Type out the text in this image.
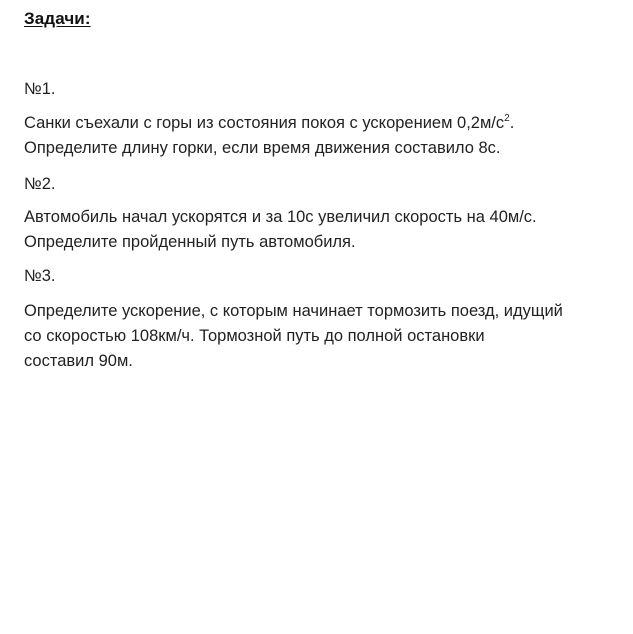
Задачи:
№1.

Санки съехали с горы из состояния покоя с ускорением $0,2м/с^2$.
Определите длину горки, если время движения составило 8с.

№2.

Автомобиль начал ускорятся и за 10с увеличил скорость на 40м/с.
Определите пройденный путь автомобиля.

№3.

Определите ускорение, с которым начинает тормозить поезд, идущий
со скоростью 108км/ч. Тормозной путь до полной остановки
составил 90м.
